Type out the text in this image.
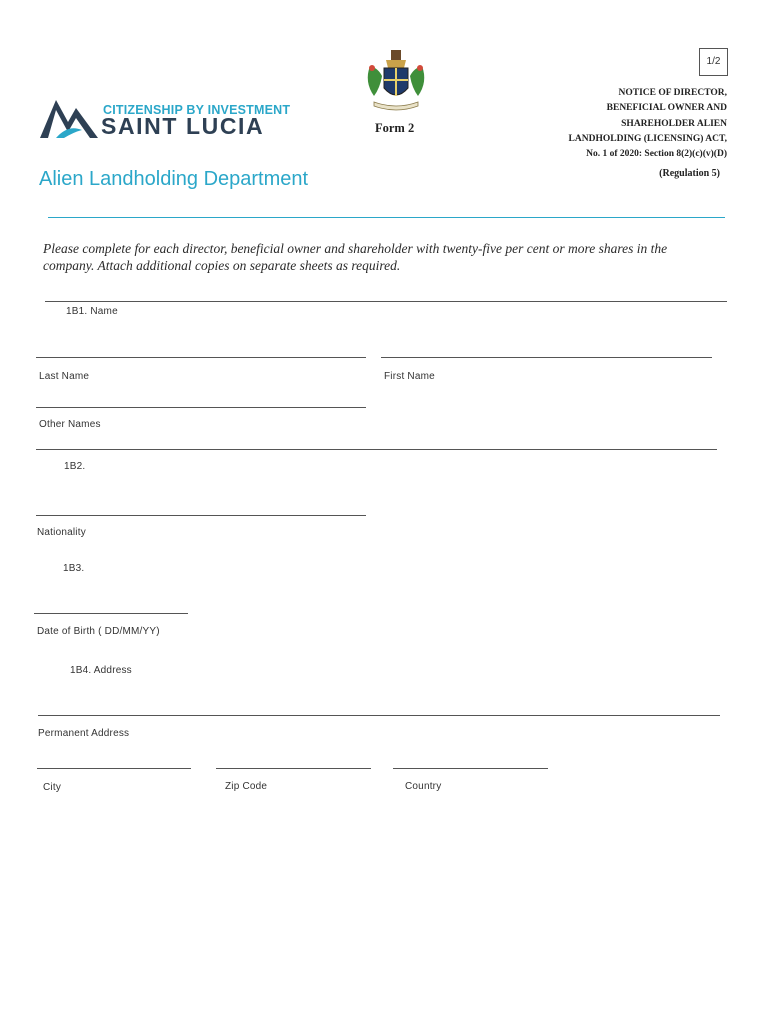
1/2
CITIZENSHIP BY INVESTMENT
SAINT LUCIA	Form 2
NOTICE OF DIRECTOR,
BENEFICIAL OWNER AND
SHAREHOLDER ALIEN
LANDHOLDING (LICENSING) ACT,
No. 1 of 2020: Section 8(2)(c)(v)(D)
(Regulation 5)
Alien Landholding Department
Please complete for each director, beneficial owner and shareholder with twenty-five per cent or more shares in the company. Attach additional copies on separate sheets as required.
1B1. Name
Last Name	First Name
Other Names
1B2.
Nationality
1B3.
Date of Birth ( DD/MM/YY)
1B4. Address
Permanent Address
City	Zip Code	Country
